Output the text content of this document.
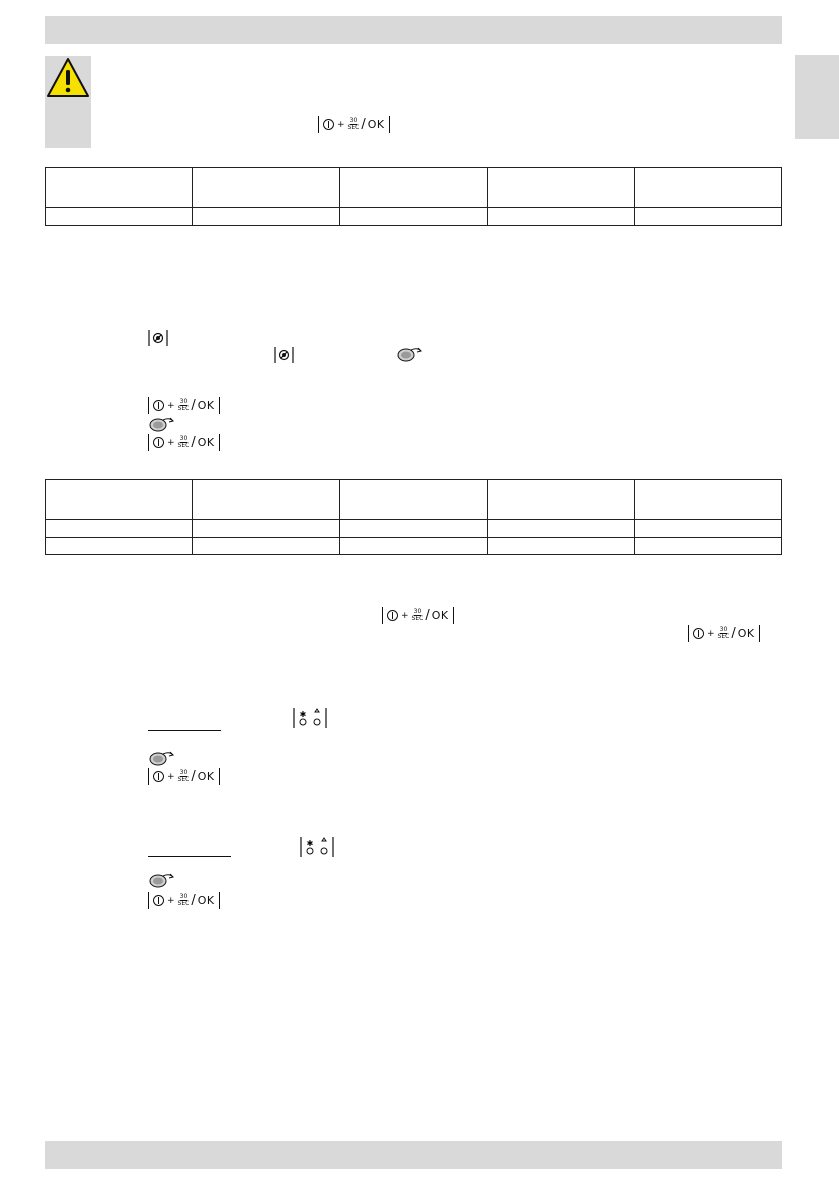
+ $\frac{30}{\text{SEC}}$ / OK

+ $\frac{30}{\text{SEC}}$ / OK
+ $\frac{30}{\text{SEC}}$ / OK

+ $\frac{30}{\text{SEC}}$ / OK
+ $\frac{30}{\text{SEC}}$ / OK
✱
+ $\frac{30}{\text{SEC}}$ / OK
✱
+ $\frac{30}{\text{SEC}}$ / OK
